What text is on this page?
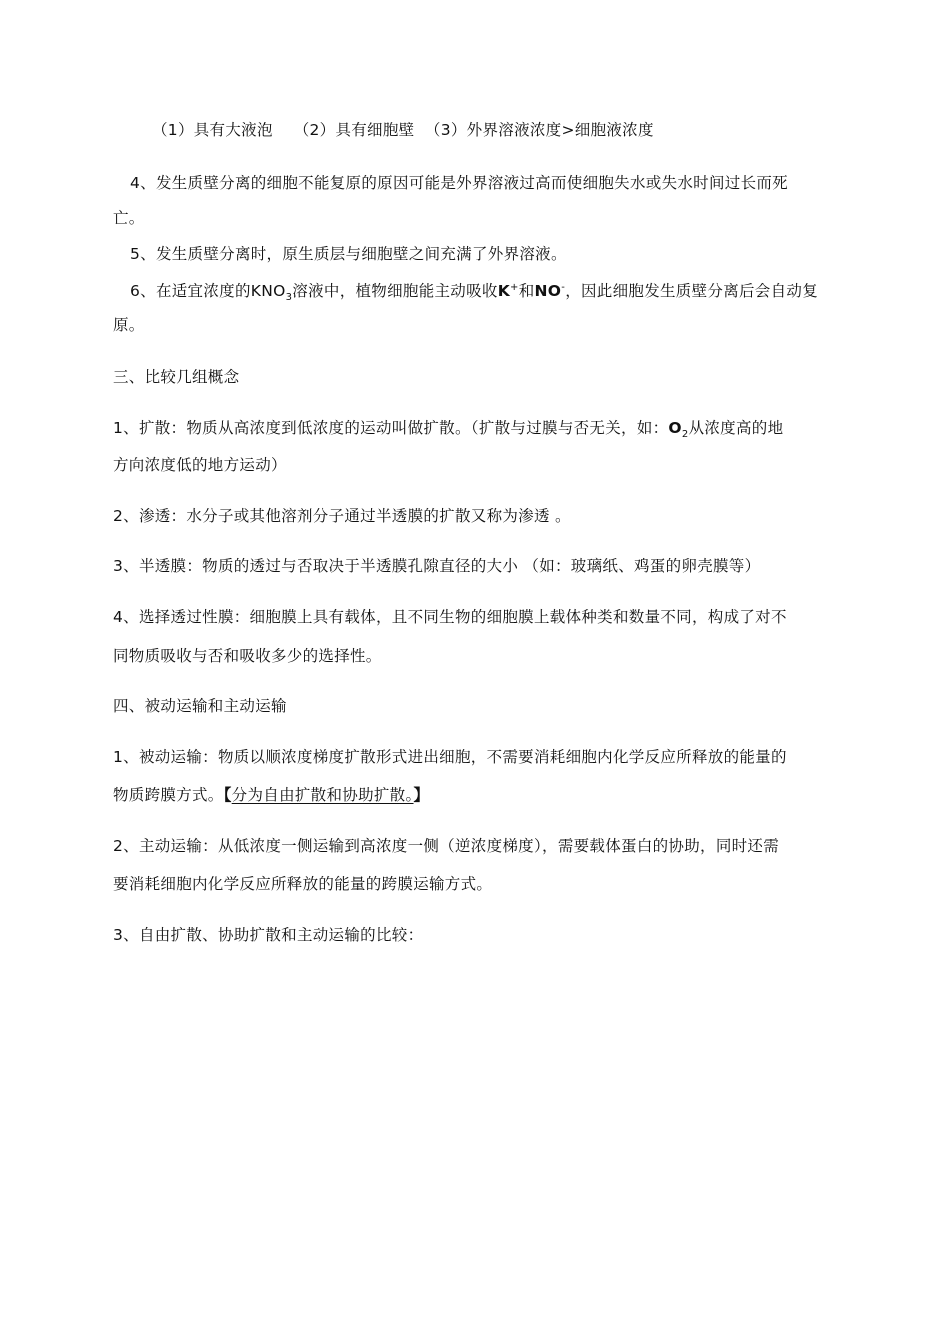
（1）具有大液泡 （2）具有细胞壁 （3）外界溶液浓度>细胞液浓度
4、发生质壁分离的细胞不能复原的原因可能是外界溶液过高而使细胞失水或失水时间过长而死
亡。
5、发生质壁分离时，原生质层与细胞壁之间充满了外界溶液。
6、在适宜浓度的$KNO_3$溶液中，植物细胞能主动吸收K+和NO-，因此细胞发生质壁分离后会自动复
原。
三、比较几组概念
1、扩散：物质从高浓度到低浓度的运动叫做扩散。（扩散与过膜与否无关，如：$O_2$从浓度高的地
方向浓度低的地方运动）
2、渗透：水分子或其他溶剂分子通过半透膜的扩散又称为渗透 。
3、半透膜：物质的透过与否取决于半透膜孔隙直径的大小 （如：玻璃纸、鸡蛋的卵壳膜等）
4、选择透过性膜：细胞膜上具有载体，且不同生物的细胞膜上载体种类和数量不同，构成了对不
同物质吸收与否和吸收多少的选择性。
四、被动运输和主动运输
1、被动运输：物质以顺浓度梯度扩散形式进出细胞，不需要消耗细胞内化学反应所释放的能量的
物质跨膜方式。【分为自由扩散和协助扩散。】
2、主动运输：从低浓度一侧运输到高浓度一侧（逆浓度梯度），需要载体蛋白的协助，同时还需
要消耗细胞内化学反应所释放的能量的跨膜运输方式。
3、自由扩散、协助扩散和主动运输的比较：
